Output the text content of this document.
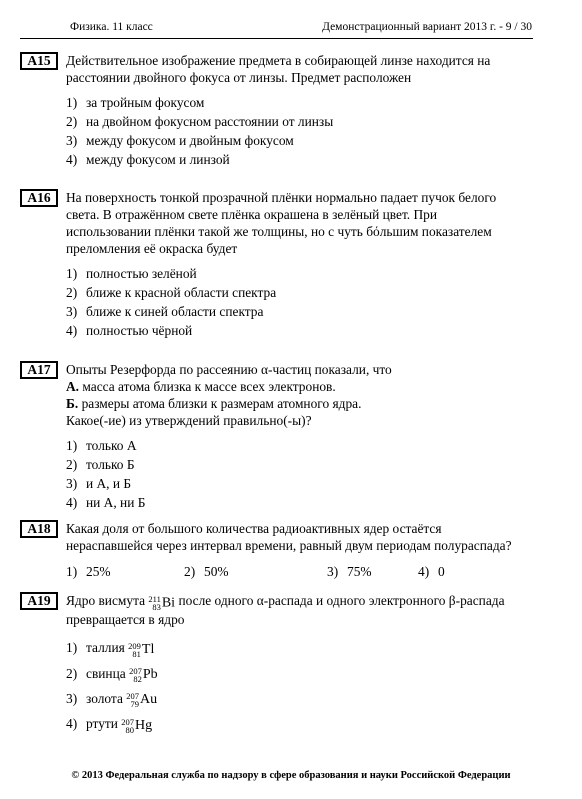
Физика. 11 класс	Демонстрационный вариант 2013 г. - 9 / 30
A15	Действительное изображение предмета в собирающей линзе находится на
расстоянии двойного фокуса от линзы. Предмет расположен
1) за тройным фокусом
2) на двойном фокусном расстоянии от линзы
3) между фокусом и двойным фокусом
4) между фокусом и линзой
A16	На поверхность тонкой прозрачной плёнки нормально падает пучок белого
света. В отражённом свете плёнка окрашена в зелёный цвет. При
использовании плёнки такой же толщины, но с чуть бόльшим показателем
преломления её окраска будет
1) полностью зелёной
2) ближе к красной области спектра
3) ближе к синей области спектра
4) полностью чёрной
A17	Опыты Резерфорда по рассеянию α-частиц показали, что
А. масса атома близка к массе всех электронов.
Б. размеры атома близки к размерам атомного ядра.
Какое(-ие) из утверждений правильно(-ы)?
1) только А
2) только Б
3) и А, и Б
4) ни А, ни Б
A18	Какая доля от большого количества радиоактивных ядер остаётся
нераспавшейся через интервал времени, равный двум периодам полураспада?
1) 25%	2) 50%	3) 75%	4) 0
A19	Ядро висмута 211
83Bi после одного α-распада и одного электронного β-распада
превращается в ядро
1) таллия 209
81Tl
2) свинца 207
82Pb
3) золота 207
79Au
4) ртути 207
80Hg
© 2013 Федеральная служба по надзору в сфере образования и науки Российской Федерации
